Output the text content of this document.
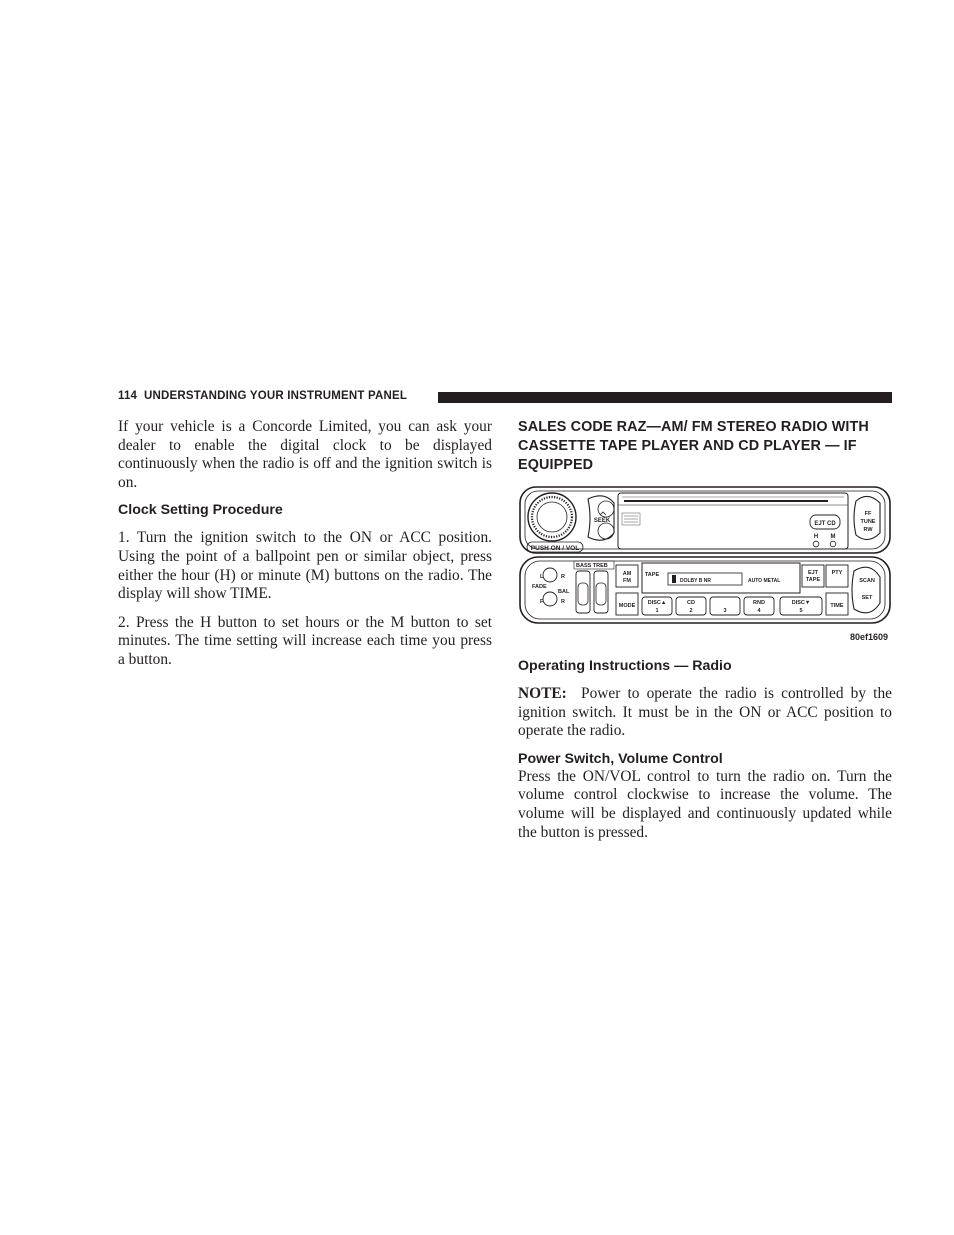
114 UNDERSTANDING YOUR INSTRUMENT PANEL

If your vehicle is a Concorde Limited, you can ask your dealer to enable the digital clock to be displayed continuously when the radio is off and the ignition switch is on.

Clock Setting Procedure

1. Turn the ignition switch to the ON or ACC position. Using the point of a ballpoint pen or similar object, press either the hour (H) or minute (M) buttons on the radio. The display will show TIME.

2. Press the H button to set hours or the M button to set minutes. The time setting will increase each time you press a button.

SALES CODE RAZ—AM/ FM STEREO RADIO WITH CASSETTE TAPE PLAYER AND CD PLAYER — IF EQUIPPED

PUSH ON / VOL
SEEK	EJT CD
H M
FF
TUNE
RW
BASS TREB
L	R
FADE
BAL
F	R
AM
FM
MODE
TAPE
DOLBY B NR	AUTO METAL
EJT
TAPE
PTY
SCAN
SET
TIME
DISC▲
1
CD
2	3
RND
4
DISC▼
5
80ef1609
Operating Instructions — Radio

NOTE: Power to operate the radio is controlled by the ignition switch. It must be in the ON or ACC position to operate the radio.

Power Switch, Volume Control

Press the ON/VOL control to turn the radio on. Turn the volume control clockwise to increase the volume. The volume will be displayed and continuously updated while the button is pressed.
